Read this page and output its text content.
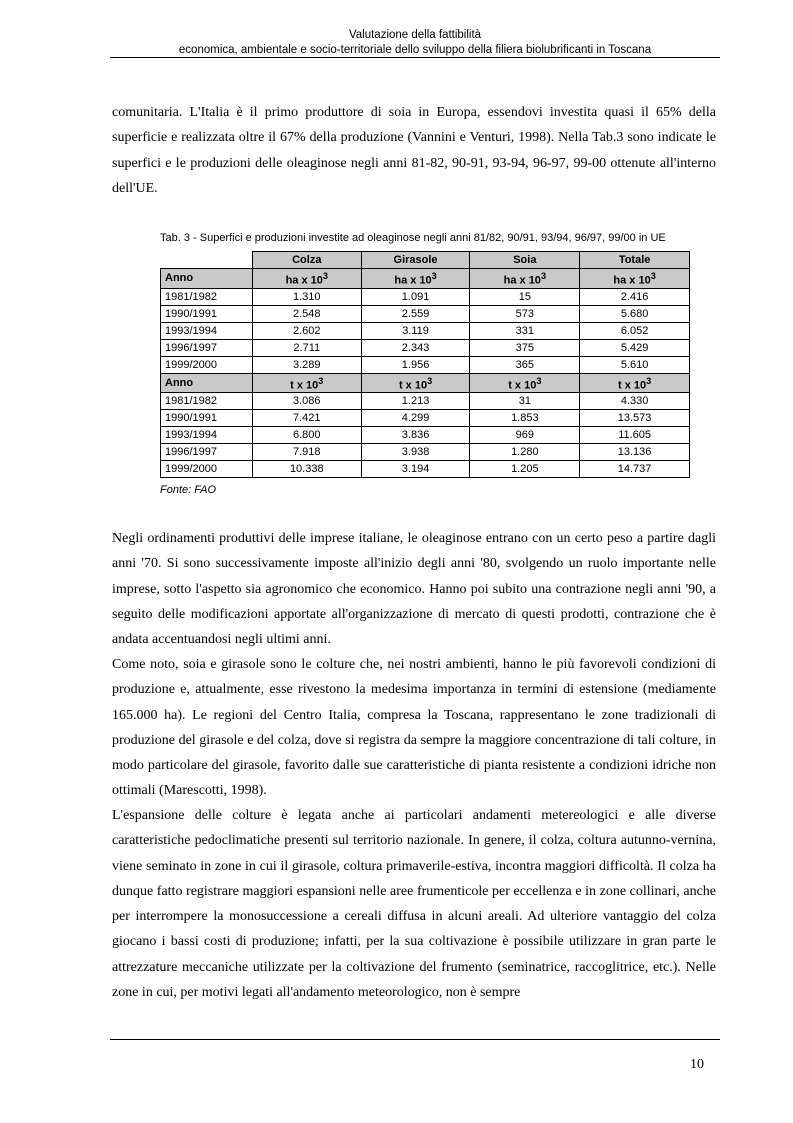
Valutazione della fattibilità
economica, ambientale e socio-territoriale dello sviluppo della filiera biolubrificanti in Toscana

comunitaria. L'Italia è il primo produttore di soia in Europa, essendovi investita quasi il 65% della superficie e realizzata oltre il 67% della produzione (Vannini e Venturi, 1998). Nella Tab.3 sono indicate le superfici e le produzioni delle oleaginose negli anni 81-82, 90-91, 93-94, 96-97, 99-00 ottenute all'interno dell'UE.

Tab. 3 - Superfici e produzioni investite ad oleaginose negli anni 81/82, 90/91, 93/94, 96/97, 99/00 in UE
	Colza	Girasole	Soia	Totale
Anno	ha x $10^3$	ha x $10^3$	ha x $10^3$	ha x $10^3$
1981/1982	1.310	1.091	15	2.416
1990/1991	2.548	2.559	573	5.680
1993/1994	2.602	3.119	331	6.052
1996/1997	2.711	2.343	375	5.429
1999/2000	3.289	1.956	365	5.610
Anno	t x $10^3$	t x $10^3$	t x $10^3$	t x $10^3$
1981/1982	3.086	1.213	31	4.330
1990/1991	7.421	4.299	1.853	13.573
1993/1994	6.800	3.836	969	11.605
1996/1997	7.918	3.938	1.280	13.136
1999/2000	10.338	3.194	1.205	14.737
Fonte: FAO

Negli ordinamenti produttivi delle imprese italiane, le oleaginose entrano con un certo peso a partire dagli anni '70. Si sono successivamente imposte all'inizio degli anni '80, svolgendo un ruolo importante nelle imprese, sotto l'aspetto sia agronomico che economico. Hanno poi subito una contrazione negli anni '90, a seguito delle modificazioni apportate all'organizzazione di mercato di questi prodotti, contrazione che è andata accentuandosi negli ultimi anni.

Come noto, soia e girasole sono le colture che, nei nostri ambienti, hanno le più favorevoli condizioni di produzione e, attualmente, esse rivestono la medesima importanza in termini di estensione (mediamente 165.000 ha). Le regioni del Centro Italia, compresa la Toscana, rappresentano le zone tradizionali di produzione del girasole e del colza, dove si registra da sempre la maggiore concentrazione di tali colture, in modo particolare del girasole, favorito dalle sue caratteristiche di pianta resistente a condizioni idriche non ottimali (Marescotti, 1998).

L'espansione delle colture è legata anche ai particolari andamenti metereologici e alle diverse caratteristiche pedoclimatiche presenti sul territorio nazionale. In genere, il colza, coltura autunno-vernina, viene seminato in zone in cui il girasole, coltura primaverile-estiva, incontra maggiori difficoltà. Il colza ha dunque fatto registrare maggiori espansioni nelle aree frumenticole per eccellenza e in zone collinari, anche per interrompere la monosuccessione a cereali diffusa in alcuni areali. Ad ulteriore vantaggio del colza giocano i bassi costi di produzione; infatti, per la sua coltivazione è possibile utilizzare in gran parte le attrezzature meccaniche utilizzate per la coltivazione del frumento (seminatrice, raccoglitrice, etc.). Nelle zone in cui, per motivi legati all'andamento meteorologico, non è sempre

10
